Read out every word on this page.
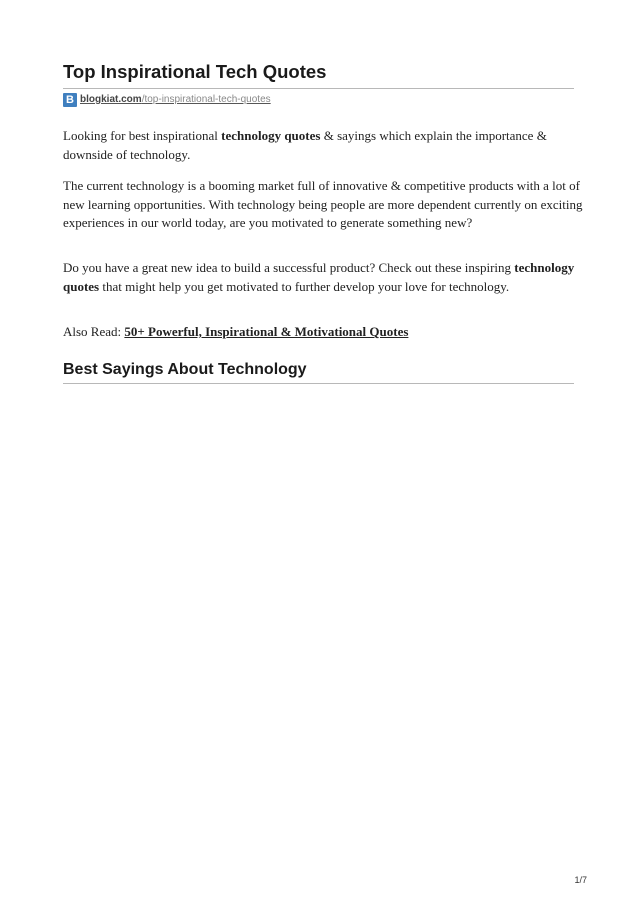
Top Inspirational Tech Quotes
B blogkiat.com/top-inspirational-tech-quotes

Looking for best inspirational technology quotes & sayings which explain the importance & downside of technology.

The current technology is a booming market full of innovative & competitive products with a lot of new learning opportunities. With technology being people are more dependent currently on exciting experiences in our world today, are you motivated to generate something new?

Do you have a great new idea to build a successful product? Check out these inspiring technology quotes that might help you get motivated to further develop your love for technology.

Also Read: 50+ Powerful, Inspirational & Motivational Quotes

Best Sayings About Technology
1/7
